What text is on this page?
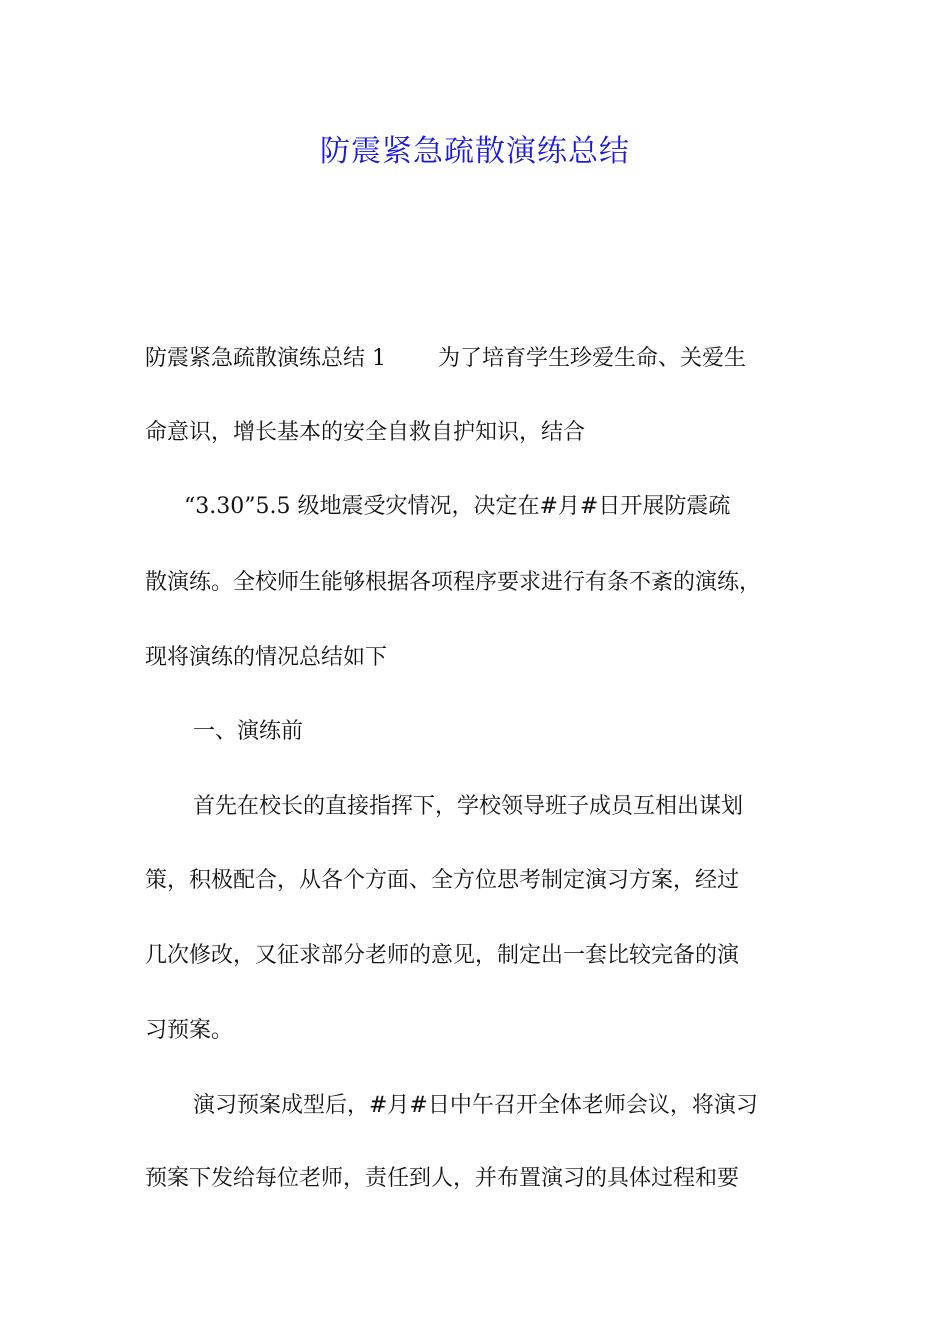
防震紧急疏散演练总结
防震紧急疏散演练总结 1 为了培育学生珍爱生命、关爱生
命意识，增长基本的安全自救自护知识，结合
“3.30”5.5 级地震受灾情况，决定在#月#日开展防震疏
散演练。全校师生能够根据各项程序要求进行有条不紊的演练，
现将演练的情况总结如下
一、演练前
首先在校长的直接指挥下，学校领导班子成员互相出谋划
策，积极配合，从各个方面、全方位思考制定演习方案，经过
几次修改，又征求部分老师的意见，制定出一套比较完备的演
习预案。
演习预案成型后，#月#日中午召开全体老师会议，将演习
预案下发给每位老师，责任到人，并布置演习的具体过程和要
